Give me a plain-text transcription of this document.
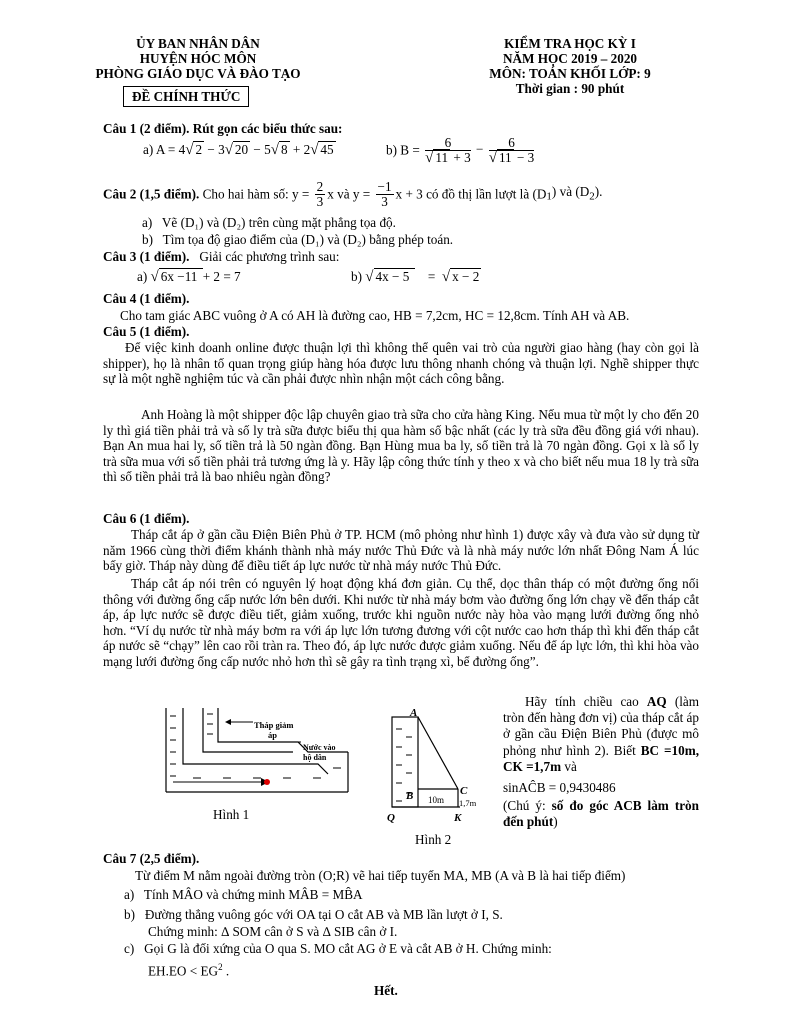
ỦY BAN NHÂN DÂN
HUYỆN HÓC MÔN
PHÒNG GIÁO DỤC VÀ ĐÀO TẠO
ĐỀ CHÍNH THỨC
KIỂM TRA HỌC KỲ I
NĂM HỌC 2019 – 2020
MÔN: TOÁN KHỐI LỚP: 9
Thời gian : 90 phút
Câu 1 (2 điểm). Rút gọn các biểu thức sau:
a) A = 4√ 2 − 3√ 20 − 5√ 8 + 2√ 45	b) $B = \frac{6}{√ 11 + 3} - \frac{6}{√ 11 - 3}$
Câu 2 (1,5 điểm). Cho hai hàm số: $y = \frac{2}{3}$ x và $y = \frac{-1}{3}$ x + 3 có đồ thị lần lượt là $(D_1)$ và $(D_2)$.
a)   Vẽ (D₁) và (D₂) trên cùng mặt phẳng tọa độ.
b)   Tìm tọa độ giao điểm của (D₁) và (D₂) bằng phép toán.
Câu 3 (1 điểm). Giải các phương trình sau:
a) √ 6x −11 + 2 = 7	b) √ 4x − 5     =  √ x − 2
Câu 4 (1 điểm).
Cho tam giác ABC vuông ở A có AH là đường cao, HB = 7,2cm, HC = 12,8cm. Tính AH và AB.
Câu 5 (1 điểm).
Để việc kinh doanh online được thuận lợi thì không thể quên vai trò của người giao hàng (hay còn gọi là shipper), họ là nhân tố quan trọng giúp hàng hóa được lưu thông nhanh chóng và thuận lợi. Nghề shipper thực sự là một nghề nghiệm túc và cần phải được nhìn nhận một cách công bằng.
Anh Hoàng là một shipper độc lập chuyên giao trà sữa cho cửa hàng King. Nếu mua từ một ly cho đến 20 ly thì giá tiền phải trả và số ly trà sữa được biểu thị qua hàm số bậc nhất (các ly trà sữa đều đồng giá với nhau). Bạn An mua hai ly, số tiền trả là 50 ngàn đồng. Bạn Hùng mua ba ly, số tiền trả là 70 ngàn đồng. Gọi x là số ly trà sữa mua với số tiền phải trả tương ứng là y. Hãy lập công thức tính y theo x và cho biết nếu mua 18 ly trà sữa thì số tiền phải trả là bao nhiêu ngàn đồng?
Câu 6 (1 điểm).
Tháp cắt áp ở gần cầu Điện Biên Phủ ở TP. HCM (mô phỏng như hình 1) được xây và đưa vào sử dụng từ năm 1966 cùng thời điểm khánh thành nhà máy nước Thủ Đức và là nhà máy nước lớn nhất Đông Nam Á lúc bấy giờ. Tháp này dùng để điều tiết áp lực nước từ nhà máy nước Thủ Đức.
Tháp cắt áp nói trên có nguyên lý hoạt động khá đơn giản. Cụ thể, dọc thân tháp có một đường ống nối thông với đường ống cấp nước lớn bên dưới. Khi nước từ nhà máy bơm vào đường ống lớn chạy về đến tháp cắt áp, áp lực nước sẽ được điều tiết, giảm xuống, trước khi nguồn nước này hòa vào mạng lưới đường ống nhỏ hơn. “Ví dụ nước từ nhà máy bơm ra với áp lực lớn tương đương với cột nước cao hơn tháp thì khi đến tháp cắt áp nước sẽ “chạy” lên cao rồi tràn ra. Theo đó, áp lực nước được giảm xuống. Nếu để áp lực lớn, thì khi hòa vào mạng lưới đường ống cấp nước nhỏ hơn thì sẽ gây ra tình trạng xì, bể đường ống”.
Tháp giảm
áp
Nước vào
hộ dân
Hình 1
A
B	C
Q	K
10m 1,7m
Hình 2
Hãy tính chiều cao AQ (làm tròn đến hàng đơn vị) của tháp cắt áp ở gần cầu Điện Biên Phủ (được mô phỏng như hình 2). Biết BC =10m, CK =1,7m và
sinAĈB = 0,9430486
(Chú ý: số đo góc ACB làm tròn đến phút)
Câu 7 (2,5 điểm).
Từ điểm M nằm ngoài đường tròn (O;R) vẽ hai tiếp tuyến MA, MB (A và B là hai tiếp điểm)
a)   Tính MÂO và chứng minh MÂB = MB̂A
b)   Đường thẳng vuông góc với OA tại O cắt AB và MB lần lượt ở I, S.
Chứng minh: ∆ SOM cân ở S và ∆ SIB cân ở I.
c)   Gọi G là đối xứng của O qua S. MO cắt AG ở E và cắt AB ở H. Chứng minh:
$EH.EO < EG^2$ .
Hết.
